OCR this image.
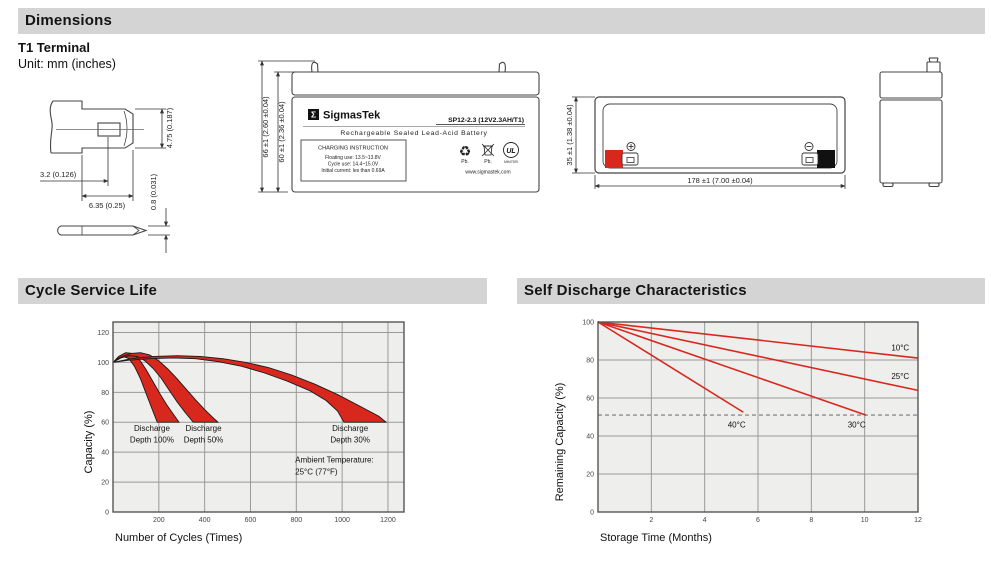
Dimensions
T1 Terminal
Unit: mm (inches)
3.2 (0.126)
6.35 (0.25)
4.75 (0.187)
0.8 (0.031)
66 ±1 (2.60 ±0.04) 60 ±1 (2.36 ±0.04)	Σ SigmasTek	SP12-2.3 (12V2.3AH/T1)
Rechargeable Sealed Lead-Acid Battery
CHARGING INSTRUCTION
Floating use: 13.5~13.8V
Cycle use: 14.4~15.0V
Initial current: les than 0.69A
♻
Pb.	Pb.
UL
MH47929
www.sigmastek.com
35 ±1 (1.38 ±0.04)
178 ±1 (7.00 ±0.04)
Cycle Service Life	Self Discharge Characteristics
Discharge
Depth 100%
Discharge
Depth 50%
Discharge
Depth 30%
Ambient Temperature:
25°C (77°F)
200	400	600	800	1000	1200
0
20
40
60
80
100
120
Number of Cycles (Times)
Capacity (%)
10°C
25°C
30°C
40°C
2	4	6	8	10	12
0
20
40
60
80
100
Storage Time (Months)
Remaining Capacity (%)
